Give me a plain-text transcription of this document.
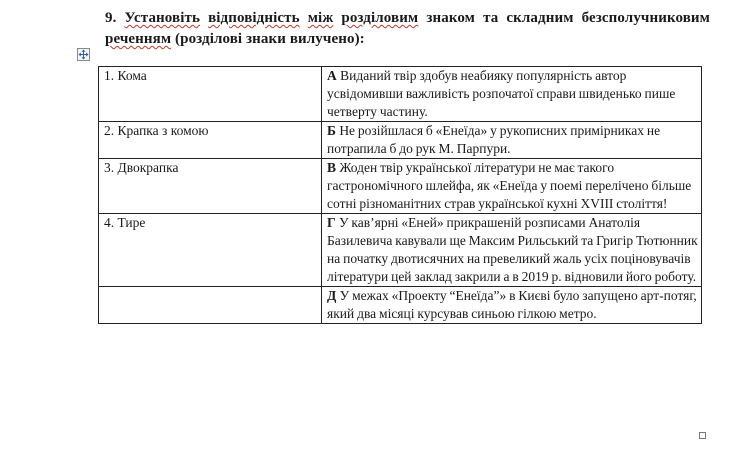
9. Установіть відповідність між розділовим знаком та складним безсполучниковим реченням (розділові знаки вилучено):
1. Кома	А Виданий твір здобув неабияку популярність автор усвідомивши важливість розпочатої справи швиденько пише четверту частину.
2. Крапка з комою	Б Не розійшлася б «Енеїда» у рукописних примірниках не потрапила б до рук М. Парпури.
3. Двокрапка	В Жоден твір української літератури не має такого гастрономічного шлейфа, як «Енеїда у поемі перелічено більше сотні різноманітних страв української кухні XVIII століття!
4. Тире	Г У кав’ярні «Еней» прикрашеній розписами Анатолія Базилевича кавували ще Максим Рильський та Григір Тютюнник на початку двотисячних на превеликий жаль усіх поціновувачів літератури цей заклад закрили а в 2019 р. відновили його роботу.
	Д У межах «Проекту “Енеїда”» в Києві було запущено арт-потяг, який два місяці курсував синьою гілкою метро.
